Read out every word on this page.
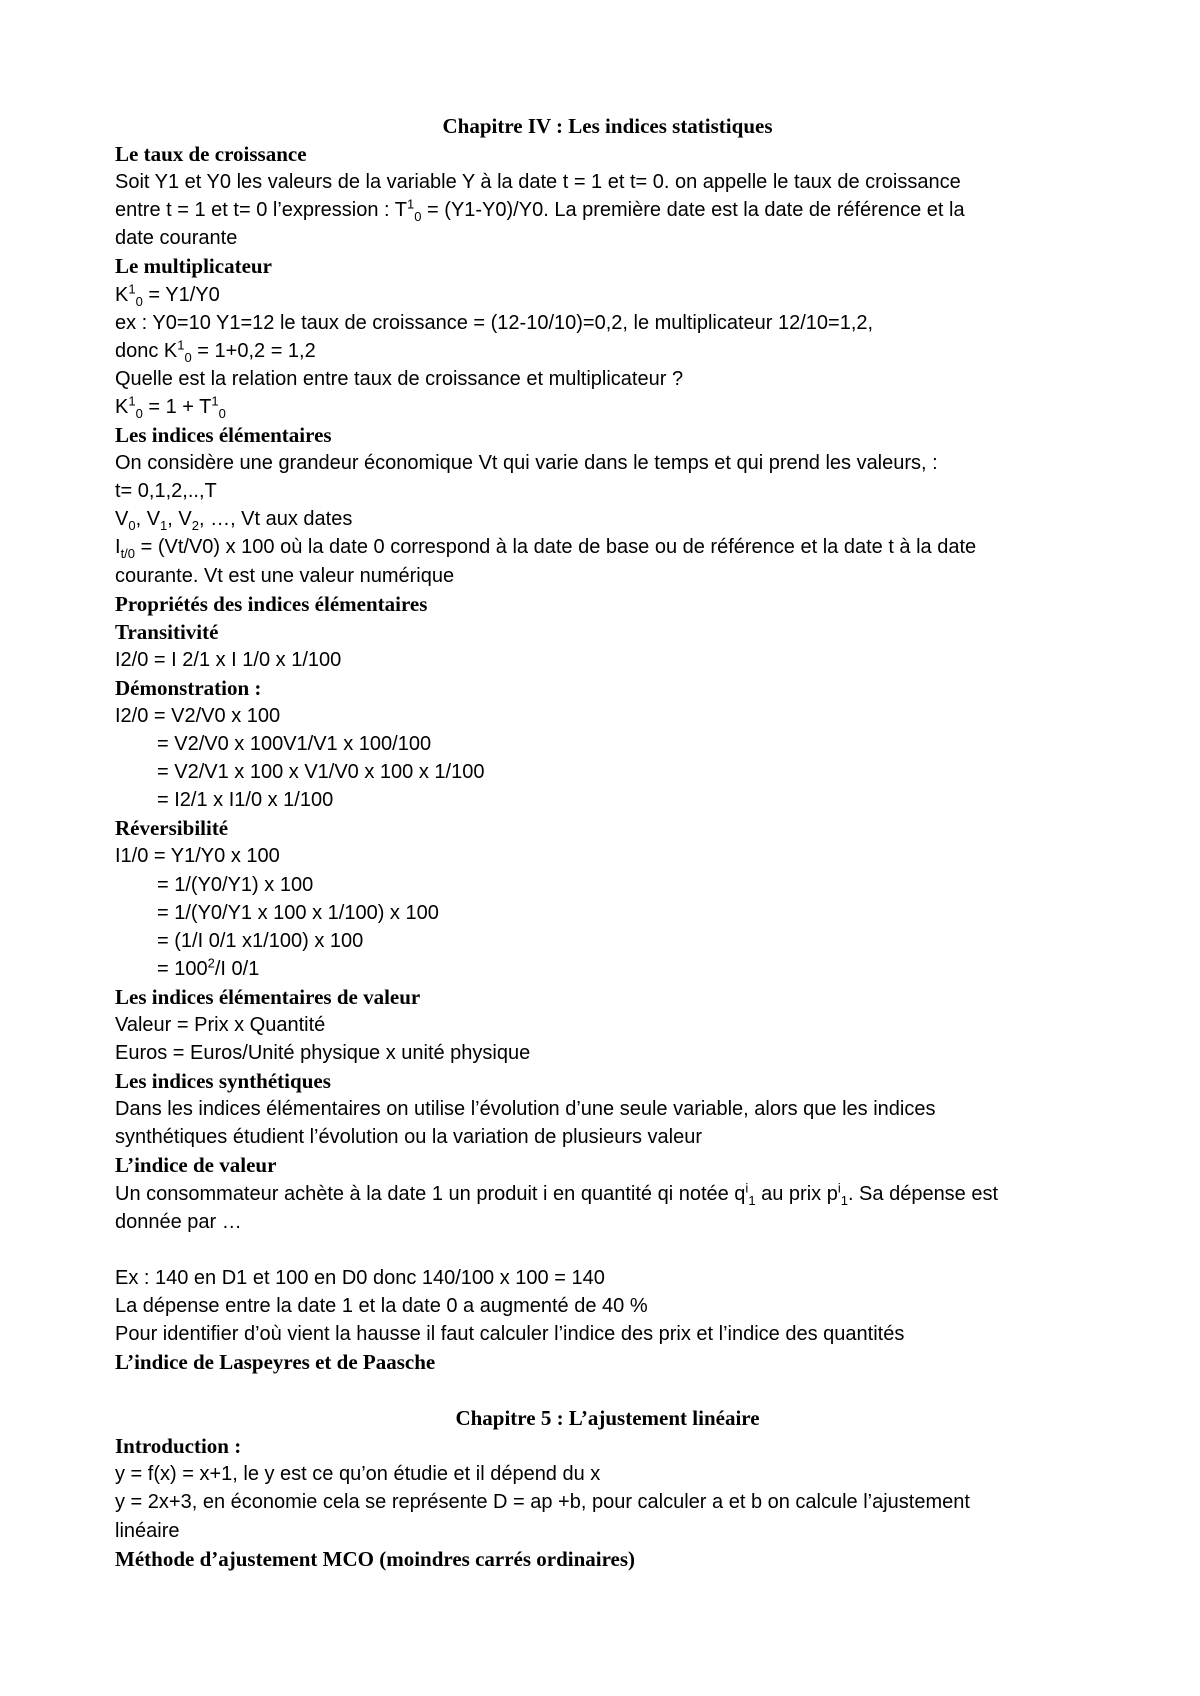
Chapitre IV : Les indices statistiques
Le taux de croissance
Soit Y1 et Y0 les valeurs de la variable Y à la date t = 1 et t= 0. on appelle le taux de croissance
entre t = 1 et t= 0 l’expression : $T^1_0 = (Y1-Y0)/Y0$. La première date est la date de référence et la
date courante
Le multiplicateur
$K^1_0 = Y1/Y0$
ex : Y0=10 Y1=12 le taux de croissance = (12-10/10)=0,2, le multiplicateur 12/10=1,2,
donc $K^1_0 = 1+0,2 = 1,2$
Quelle est la relation entre taux de croissance et multiplicateur ?
$K^1_0 = 1 + T^1_0$
Les indices élémentaires
On considère une grandeur économique Vt qui varie dans le temps et qui prend les valeurs, :
t= 0,1,2,..,T
$V_0$, $V_1$, $V_2$, …, Vt aux dates
$I_{t/0} = (Vt/V0)$ x 100 où la date 0 correspond à la date de base ou de référence et la date t à la date
courante. Vt est une valeur numérique
Propriétés des indices élémentaires
Transitivité
I2/0 = I 2/1 x I 1/0 x 1/100
Démonstration :
I2/0 = V2/V0 x 100
= V2/V0 x 100V1/V1 x 100/100
= V2/V1 x 100 x V1/V0 x 100 x 1/100
= I2/1 x I1/0 x 1/100
Réversibilité
I1/0 = Y1/Y0 x 100
= 1/(Y0/Y1) x 100
= 1/(Y0/Y1 x 100 x 1/100) x 100
= (1/I 0/1 x1/100) x 100
= $100^2/I$ 0/1
Les indices élémentaires de valeur
Valeur = Prix x Quantité
Euros = Euros/Unité physique x unité physique
Les indices synthétiques
Dans les indices élémentaires on utilise l’évolution d’une seule variable, alors que les indices
synthétiques étudient l’évolution ou la variation de plusieurs valeur
L’indice de valeur
Un consommateur achète à la date 1 un produit i en quantité qi notée $q^i_1$ au prix $p^i_1$. Sa dépense est
donnée par …
Ex : 140 en D1 et 100 en D0 donc 140/100 x 100 = 140
La dépense entre la date 1 et la date 0 a augmenté de 40 %
Pour identifier d’où vient la hausse il faut calculer l’indice des prix et l’indice des quantités
L’indice de Laspeyres et de Paasche
Chapitre 5 : L’ajustement linéaire
Introduction :
y = f(x) = x+1, le y est ce qu’on étudie et il dépend du x
y = 2x+3, en économie cela se représente D = ap +b, pour calculer a et b on calcule l’ajustement
linéaire
Méthode d’ajustement MCO (moindres carrés ordinaires)
